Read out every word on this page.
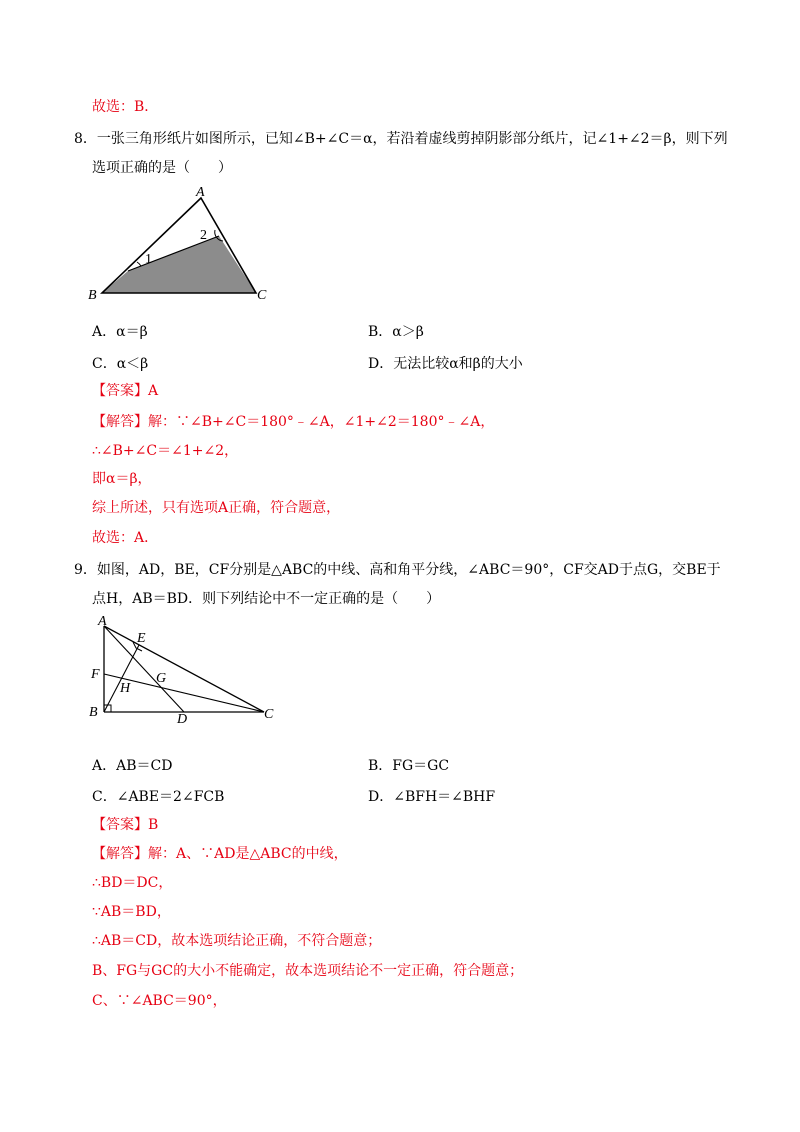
故选：B．
8．一张三角形纸片如图所示，已知∠B+∠C＝α，若沿着虚线剪掉阴影部分纸片，记∠1+∠2＝β，则下列
选项正确的是（　　）
A
B	C
1
2
A．α＝β	B．α＞β
C．α＜β	D．无法比较α和β的大小
【答案】A
【解答】解：∵∠B+∠C＝180°﹣∠A，∠1+∠2＝180°﹣∠A，
∴∠B+∠C＝∠1+∠2，
即α＝β，
综上所述，只有选项A正确，符合题意，
故选：A．
9．如图，AD，BE，CF分别是△ABC的中线、高和角平分线，∠ABC＝90°，CF交AD于点G，交BE于
点H，AB＝BD．则下列结论中不一定正确的是（　　）
A
B	C
D
E
F	G
H
A．AB＝CD	B．FG＝GC
C．∠ABE＝2∠FCB	D．∠BFH＝∠BHF
【答案】B
【解答】解：A、∵AD是△ABC的中线，
∴BD＝DC，
∵AB＝BD，
∴AB＝CD，故本选项结论正确，不符合题意；
B、FG与GC的大小不能确定，故本选项结论不一定正确，符合题意；
C、∵∠ABC＝90°，
